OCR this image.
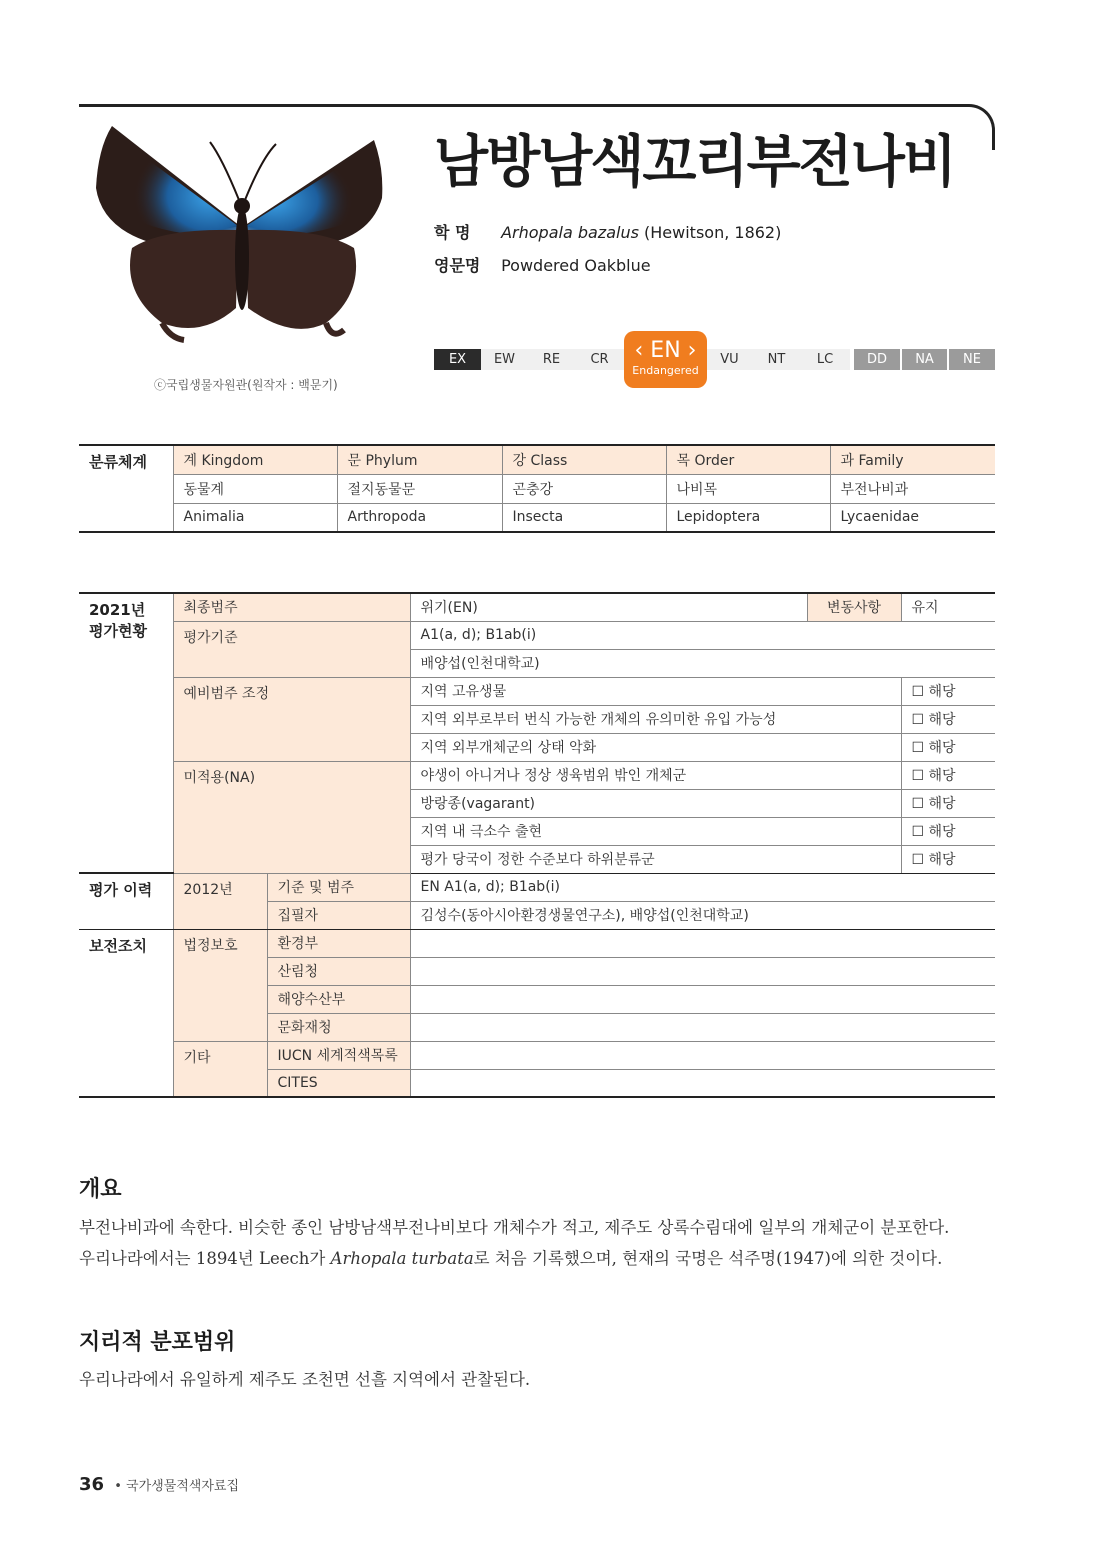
ⓒ국립생물자원관(원작자 : 백문기)
남방남색꼬리부전나비
학 명 Arhopala bazalus (Hewitson, 1862)
영문명 Powdered Oakblue
EX	EW	RE	CR	VU	NT	LC	DD	NA	NE
‹ EN ›
Endangered
분류체계	계 Kingdom	문 Phylum	강 Class	목 Order	과 Family
	동물계	절지동물문	곤충강	나비목	부전나비과
	Animalia	Arthropoda	Insecta	Lepidoptera	Lycaenidae
2021년
평가현황	최종범주		위기(EN)	변동사항	유지
	평가기준		A1(a, d); B1ab(i)		
			배양섭(인천대학교)		
	예비범주 조정		지역 고유생물		☐ 해당
			지역 외부로부터 번식 가능한 개체의 유의미한 유입 가능성		☐ 해당
			지역 외부개체군의 상태 악화		☐ 해당
	미적용(NA)		야생이 아니거나 정상 생육범위 밖인 개체군		☐ 해당
			방랑종(vagarant)		☐ 해당
			지역 내 극소수 출현		☐ 해당
			평가 당국이 정한 수준보다 하위분류군		☐ 해당
평가 이력	2012년	기준 및 범주	EN A1(a, d); B1ab(i)		
		집필자	김성수(동아시아환경생물연구소), 배양섭(인천대학교)		
보전조치	법정보호	환경부			
		산림청			
		해양수산부			
		문화재청			
	기타	IUCN 세계적색목록			
		CITES			
개요
부전나비과에 속한다. 비슷한 종인 남방남색부전나비보다 개체수가 적고, 제주도 상록수림대에 일부의 개체군이 분포한다.
우리나라에서는 1894년 Leech가 Arhopala turbata로 처음 기록했으며, 현재의 국명은 석주명(1947)에 의한 것이다.
지리적 분포범위
우리나라에서 유일하게 제주도 조천면 선흘 지역에서 관찰된다.
36 • 국가생물적색자료집
